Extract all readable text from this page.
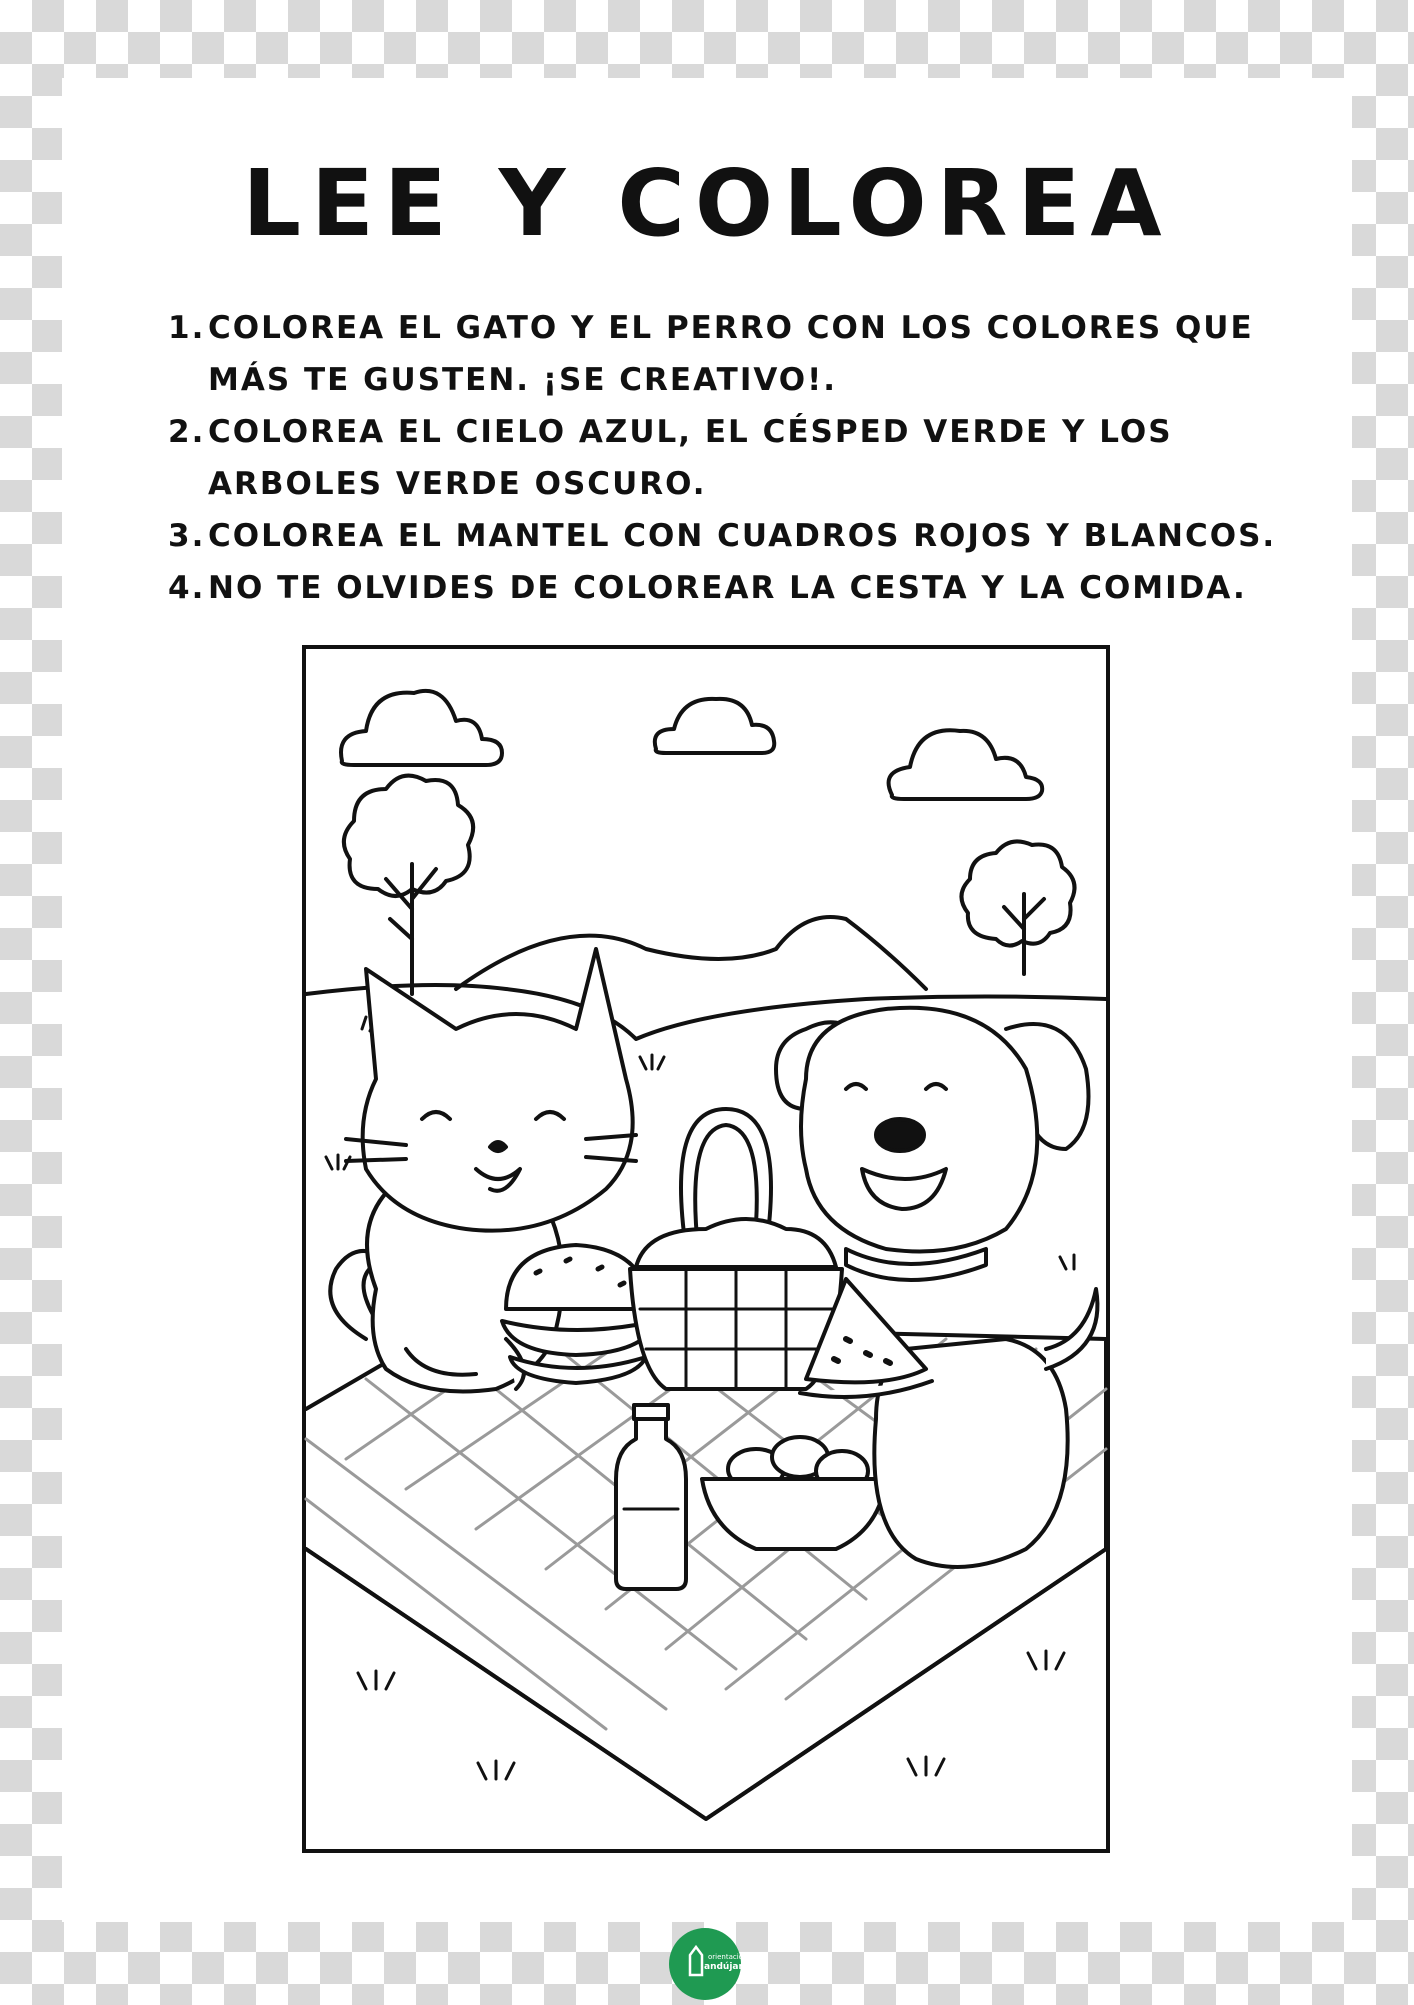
LEE Y COLOREA
1. COLOREA EL GATO Y EL PERRO CON LOS COLORES QUE MÁS TE GUSTEN. ¡SE CREATIVO!.
2. COLOREA EL CIELO AZUL, EL CÉSPED VERDE Y LOS ARBOLES VERDE OSCURO.
3. COLOREA EL MANTEL CON CUADROS ROJOS Y BLANCOS.
4. NO TE OLVIDES DE COLOREAR LA CESTA Y LA COMIDA.
orientación
andújar
